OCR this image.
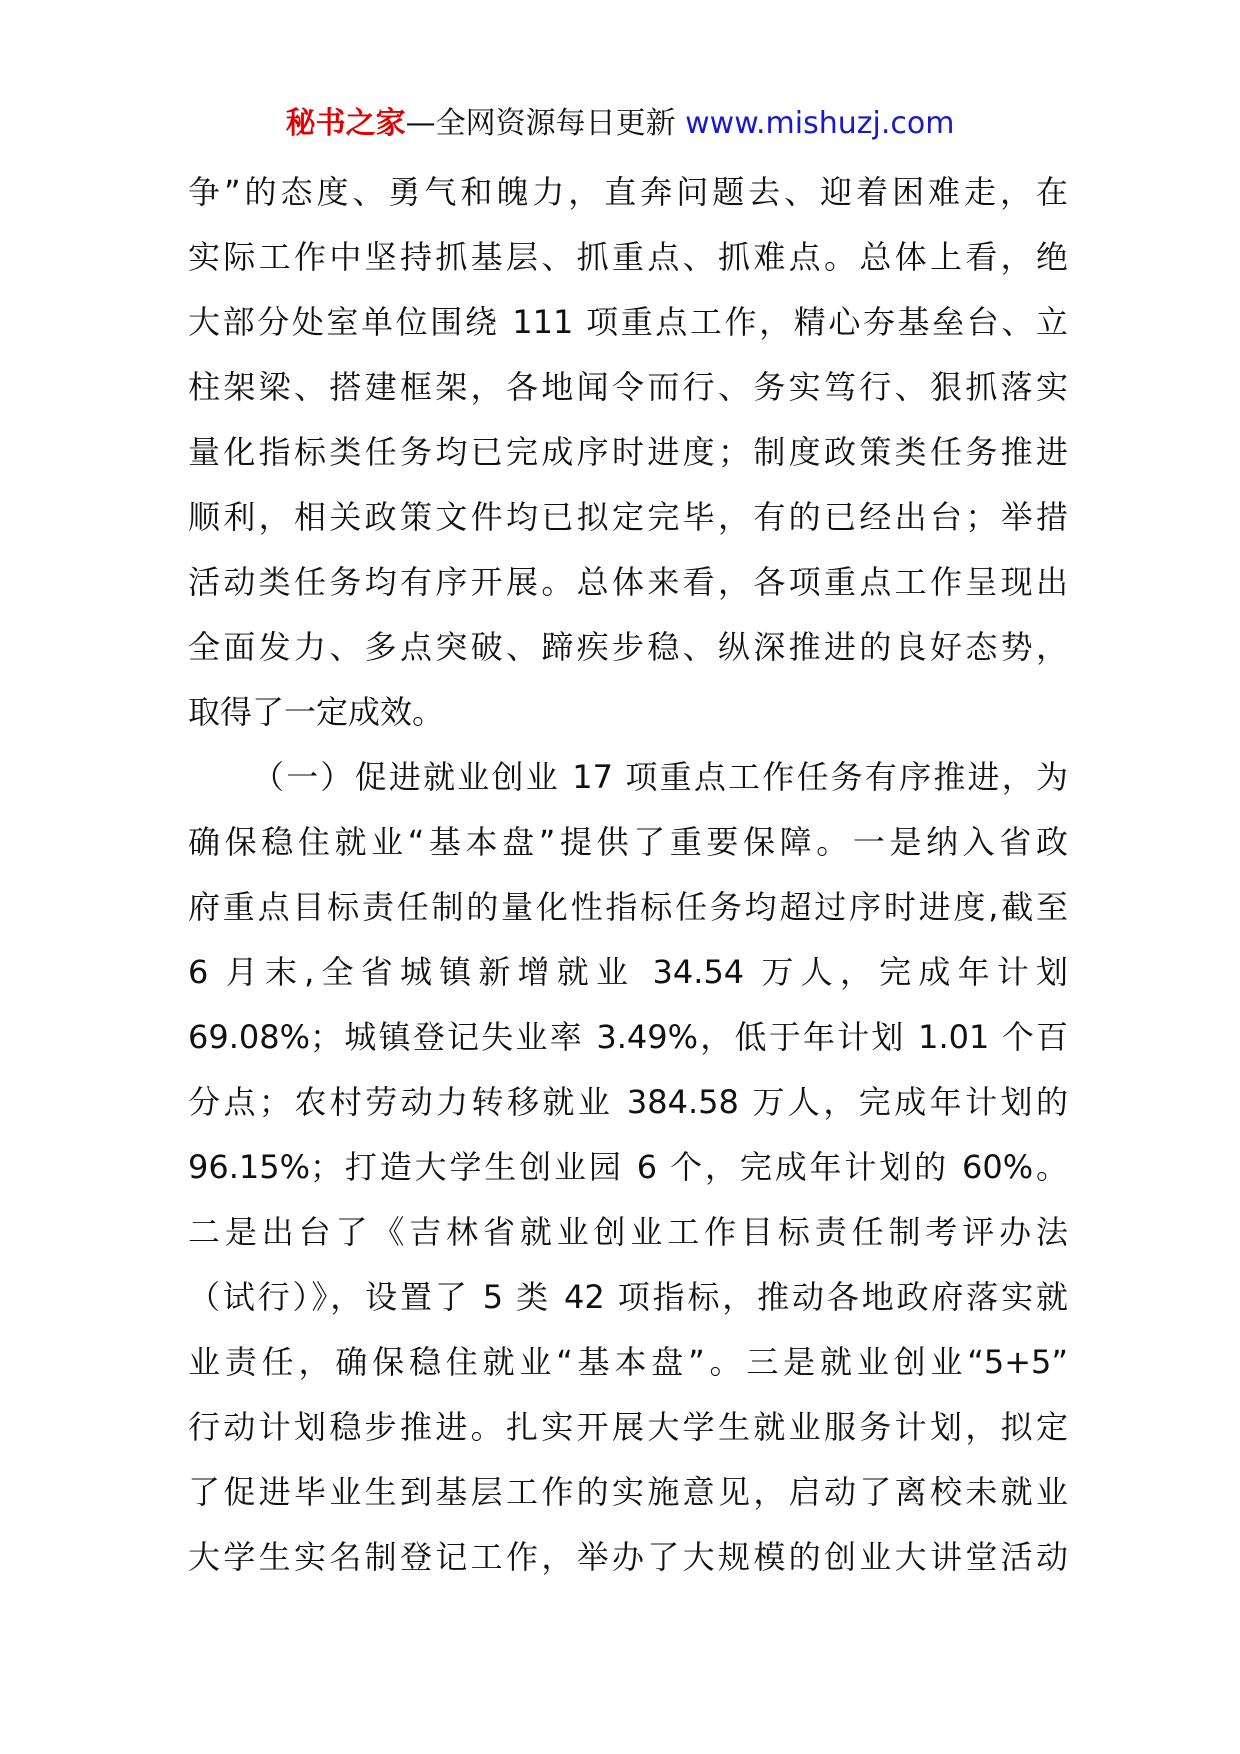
秘书之家—全网资源每日更新 www.mishuzj.com
争”的态度、勇气和魄力，直奔问题去、迎着困难走，在
实际工作中坚持抓基层、抓重点、抓难点。总体上看，绝
大部分处室单位围绕 111 项重点工作，精心夯基垒台、立
柱架梁、搭建框架，各地闻令而行、务实笃行、狠抓落实
量化指标类任务均已完成序时进度；制度政策类任务推进
顺利，相关政策文件均已拟定完毕，有的已经出台；举措
活动类任务均有序开展。总体来看，各项重点工作呈现出
全面发力、多点突破、蹄疾步稳、纵深推进的良好态势，
取得了一定成效。
（一）促进就业创业 17 项重点工作任务有序推进，为
确保稳住就业“基本盘”提供了重要保障。一是纳入省政
府重点目标责任制的量化性指标任务均超过序时进度,截至
6 月末,全省城镇新增就业 34.54 万人，完成年计划
69.08%；城镇登记失业率 3.49%，低于年计划 1.01 个百
分点；农村劳动力转移就业 384.58 万人，完成年计划的
96.15%；打造大学生创业园 6 个，完成年计划的 60%。
二是出台了《吉林省就业创业工作目标责任制考评办法
（试行）》，设置了 5 类 42 项指标，推动各地政府落实就
业责任，确保稳住就业“基本盘”。三是就业创业“5+5”
行动计划稳步推进。扎实开展大学生就业服务计划，拟定
了促进毕业生到基层工作的实施意见，启动了离校未就业
大学生实名制登记工作，举办了大规模的创业大讲堂活动
